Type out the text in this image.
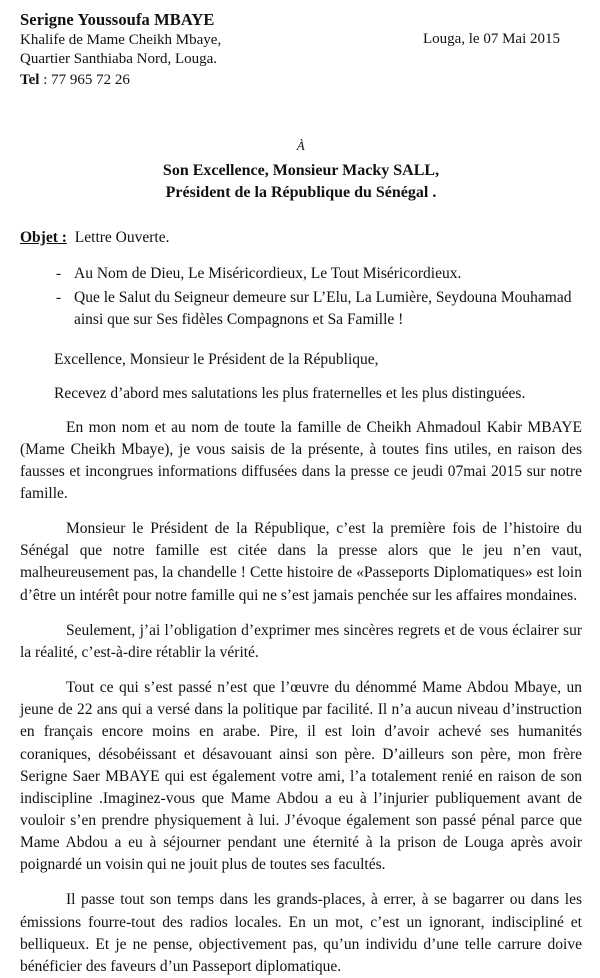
Serigne Youssoufa MBAYE
Khalife de Mame Cheikh Mbaye,
Quartier Santhiaba Nord, Louga.
Tel : 77 965 72 26
Louga, le 07 Mai 2015
À
Son Excellence, Monsieur Macky SALL,
Président de la République du Sénégal .
Objet : Lettre Ouverte.
- Au Nom de Dieu, Le Miséricordieux, Le Tout Miséricordieux.
- Que le Salut du Seigneur demeure sur L’Elu, La Lumière, Seydouna Mouhamad ainsi que sur Ses fidèles Compagnons et Sa Famille !

Excellence, Monsieur le Président de la République,

Recevez d’abord mes salutations les plus fraternelles et les plus distinguées.

En mon nom et au nom de toute la famille de Cheikh Ahmadoul Kabir MBAYE (Mame Cheikh Mbaye), je vous saisis de la présente, à toutes fins utiles, en raison des fausses et incongrues informations diffusées dans la presse ce jeudi 07mai 2015 sur notre famille.

Monsieur le Président de la République, c’est la première fois de l’histoire du Sénégal que notre famille est citée dans la presse alors que le jeu n’en vaut, malheureusement pas, la chandelle ! Cette histoire de «Passeports Diplomatiques» est loin d’être un intérêt pour notre famille qui ne s’est jamais penchée sur les affaires mondaines.

Seulement, j’ai l’obligation d’exprimer mes sincères regrets et de vous éclairer sur la réalité, c’est-à-dire rétablir la vérité.

Tout ce qui s’est passé n’est que l’œuvre du dénommé Mame Abdou Mbaye, un jeune de 22 ans qui a versé dans la politique par facilité. Il n’a aucun niveau d’instruction en français encore moins en arabe. Pire, il est loin d’avoir achevé ses humanités coraniques, désobéissant et désavouant ainsi son père. D’ailleurs son père, mon frère Serigne Saer MBAYE qui est également votre ami, l’a totalement renié en raison de son indiscipline .Imaginez-vous que Mame Abdou a eu à l’injurier publiquement avant de vouloir s’en prendre physiquement à lui. J’évoque également son passé pénal parce que Mame Abdou a eu à séjourner pendant une éternité à la prison de Louga après avoir poignardé un voisin qui ne jouit plus de toutes ses facultés.

Il passe tout son temps dans les grands-places, à errer, à se bagarrer ou dans les émissions fourre-tout des radios locales. En un mot, c’est un ignorant, indiscipliné et belliqueux. Et je ne pense, objectivement pas, qu’un individu d’une telle carrure doive bénéficier des faveurs d’un Passeport diplomatique.
